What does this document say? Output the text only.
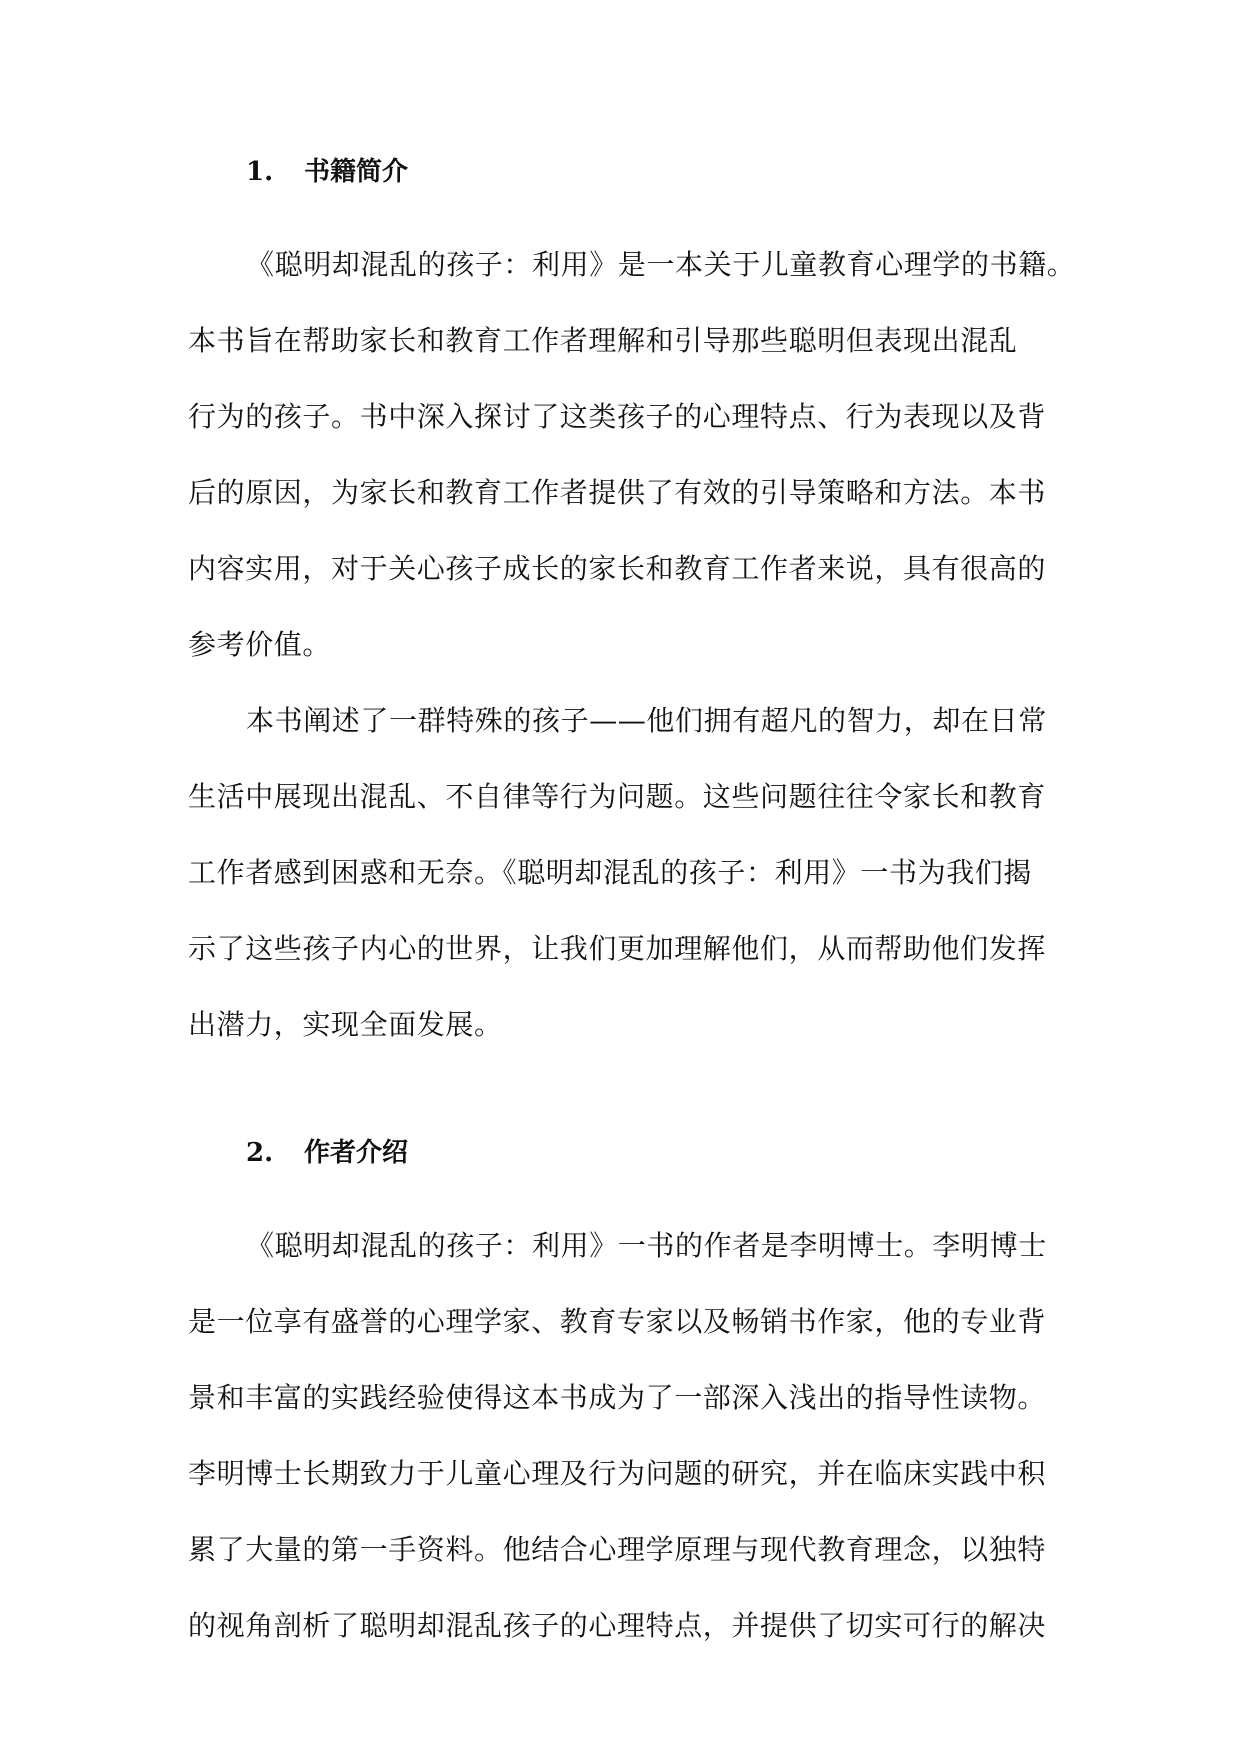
1. 书籍简介

《聪明却混乱的孩子：利用》是一本关于儿童教育心理学的书籍。
本书旨在帮助家长和教育工作者理解和引导那些聪明但表现出混乱
行为的孩子。书中深入探讨了这类孩子的心理特点、行为表现以及背
后的原因，为家长和教育工作者提供了有效的引导策略和方法。本书
内容实用，对于关心孩子成长的家长和教育工作者来说，具有很高的
参考价值。

本书阐述了一群特殊的孩子——他们拥有超凡的智力，却在日常
生活中展现出混乱、不自律等行为问题。这些问题往往令家长和教育
工作者感到困惑和无奈。《聪明却混乱的孩子：利用》一书为我们揭
示了这些孩子内心的世界，让我们更加理解他们，从而帮助他们发挥
出潜力，实现全面发展。

2. 作者介绍

《聪明却混乱的孩子：利用》一书的作者是李明博士。李明博士
是一位享有盛誉的心理学家、教育专家以及畅销书作家，他的专业背
景和丰富的实践经验使得这本书成为了一部深入浅出的指导性读物。
李明博士长期致力于儿童心理及行为问题的研究，并在临床实践中积
累了大量的第一手资料。他结合心理学原理与现代教育理念，以独特
的视角剖析了聪明却混乱孩子的心理特点，并提供了切实可行的解决
